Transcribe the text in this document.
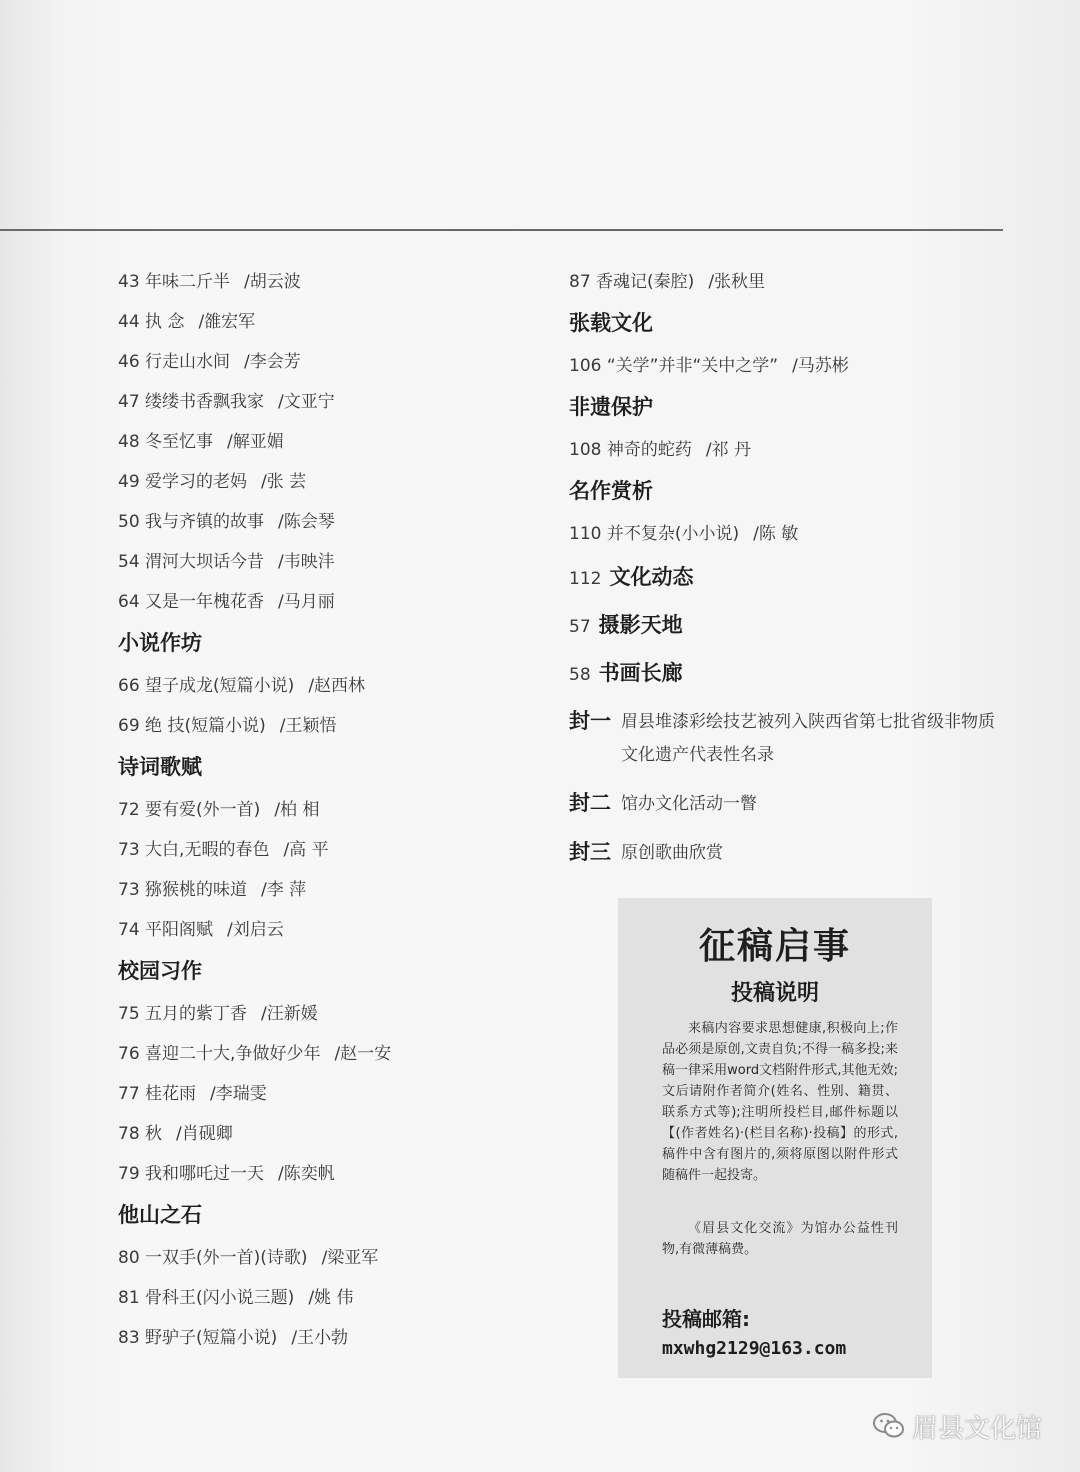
43 年味二斤半 /胡云波
44 执 念 /雒宏军
46 行走山水间 /李会芳
47 缕缕书香飘我家 /文亚宁
48 冬至忆事 /解亚媚
49 爱学习的老妈 /张 芸
50 我与齐镇的故事 /陈会琴
54 渭河大坝话今昔 /韦映沣
64 又是一年槐花香 /马月丽
小说作坊
66 望子成龙(短篇小说) /赵西林
69 绝 技(短篇小说) /王颖悟
诗词歌赋
72 要有爱(外一首) /柏 相
73 大白,无暇的春色 /高 平
73 猕猴桃的味道 /李 萍
74 平阳阁赋 /刘启云
校园习作
75 五月的紫丁香 /汪新媛
76 喜迎二十大,争做好少年 /赵一安
77 桂花雨 /李瑞雯
78 秋 /肖砚卿
79 我和哪吒过一天 /陈奕帆
他山之石
80 一双手(外一首)(诗歌) /梁亚军
81 骨科王(闪小说三题) /姚 伟
83 野驴子(短篇小说) /王小勃
87 香魂记(秦腔) /张秋里
张载文化
106 “关学”并非“关中之学” /马苏彬
非遗保护
108 神奇的蛇药 /祁 丹
名作赏析
110 并不复杂(小小说) /陈 敏
112 文化动态
57 摄影天地
58 书画长廊
封一 眉县堆漆彩绘技艺被列入陕西省第七批省级非物质文化遗产代表性名录
封二 馆办文化活动一瞥
封三 原创歌曲欣赏
征稿启事
投稿说明
来稿内容要求思想健康,积极向上;作品必须是原创,文责自负;不得一稿多投;来稿一律采用word文档附件形式,其他无效;文后请附作者简介(姓名、性别、籍贯、联系方式等);注明所投栏目,邮件标题以【(作者姓名)·(栏目名称)·投稿】的形式,稿件中含有图片的,须将原图以附件形式随稿件一起投寄。
《眉县文化交流》为馆办公益性刊物,有微薄稿费。
投稿邮箱:
mxwhg2129@163.com
眉县文化馆
